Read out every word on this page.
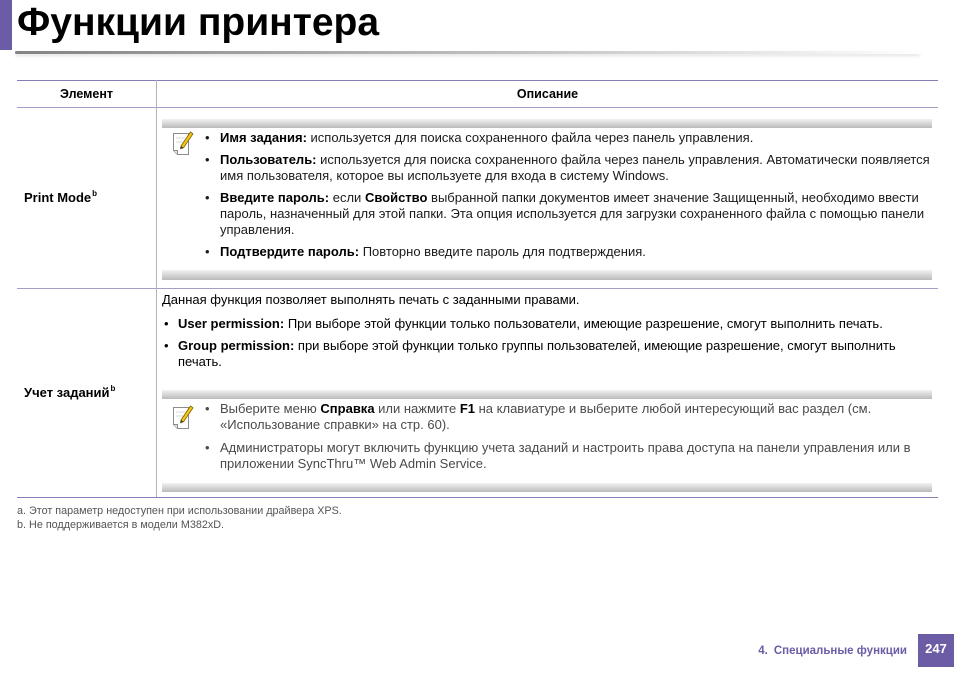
Функции принтера
Элемент	Описание
Print Mode$^b$
• Имя задания: используется для поиска сохраненного файла через панель управления.
• Пользователь: используется для поиска сохраненного файла через панель управления. Автоматически появляется имя пользователя, которое вы используете для входа в систему Windows.
• Введите пароль: если Свойство выбранной папки документов имеет значение Защищенный, необходимо ввести пароль, назначенный для этой папки. Эта опция используется для загрузки сохраненного файла с помощью панели управления.
• Подтвердите пароль: Повторно введите пароль для подтверждения.
Учет заданий$^b$

Данная функция позволяет выполнять печать с заданными правами.

• User permission: При выборе этой функции только пользователи, имеющие разрешение, смогут выполнить печать.
• Group permission: при выборе этой функции только группы пользователей, имеющие разрешение, смогут выполнить печать.
• Выберите меню Справка или нажмите F1 на клавиатуре и выберите любой интересующий вас раздел (см. «Использование справки» на стр. 60).
• Администраторы могут включить функцию учета заданий и настроить права доступа на панели управления или в приложении SyncThru™ Web Admin Service.
a. Этот параметр недоступен при использовании драйвера XPS.
b. Не поддерживается в модели M382xD.
4. Специальные функции	247
